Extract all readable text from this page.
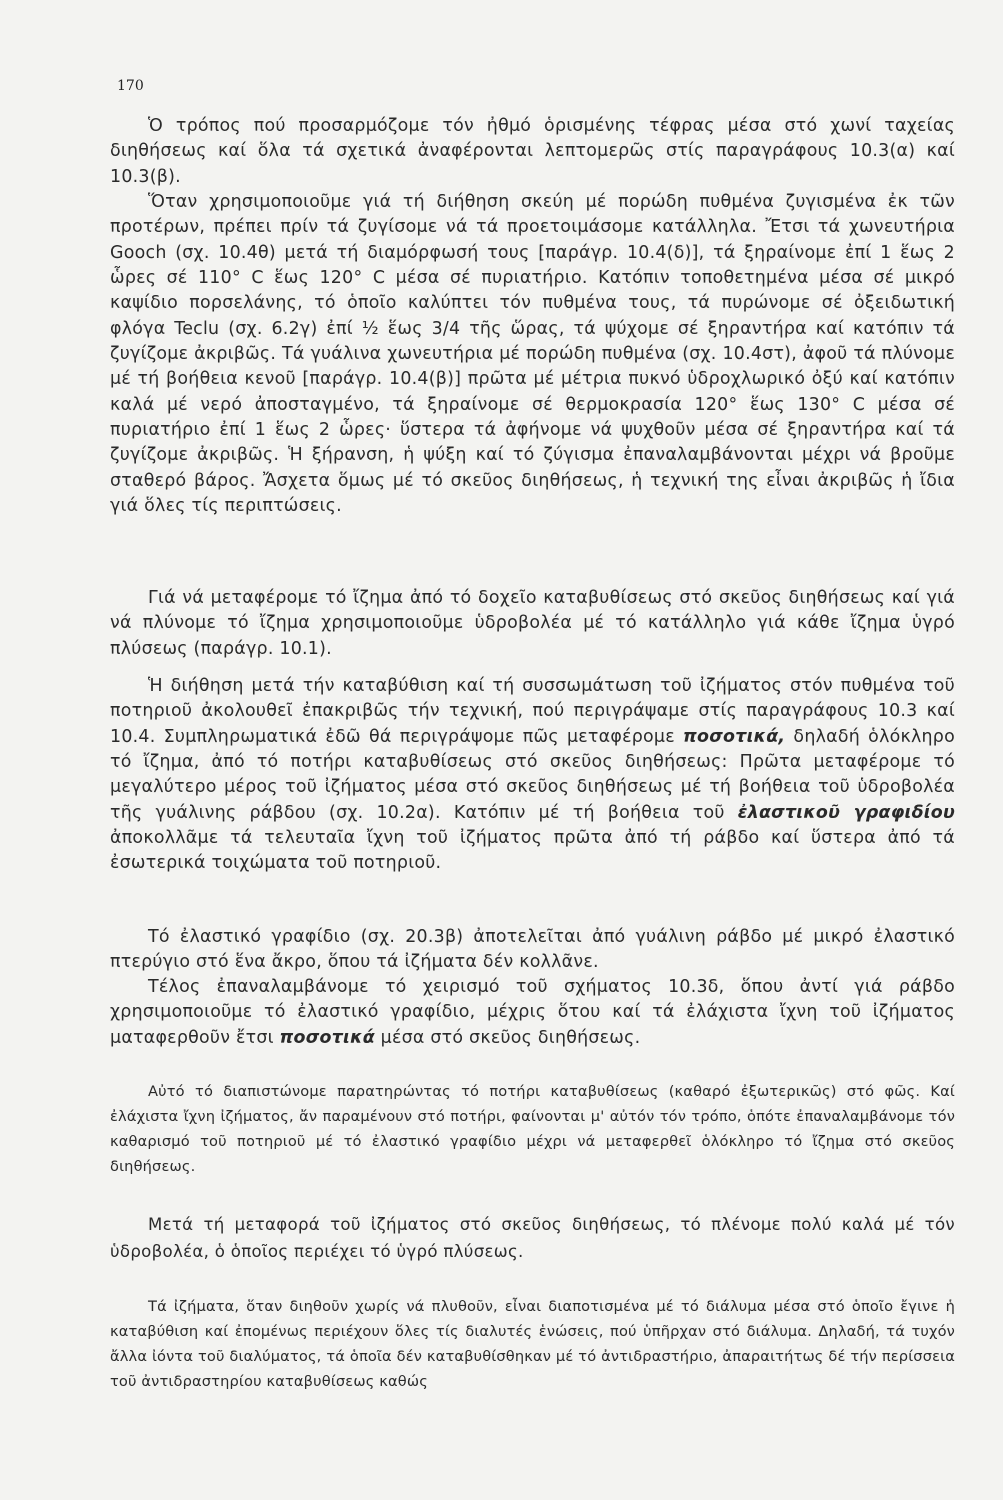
170

Ὁ τρόπος πού προσαρμόζομε τόν ἠθμό ὁρισμένης τέφρας μέσα στό χωνί ταχείας διηθήσεως καί ὅλα τά σχετικά ἀναφέρονται λεπτομερῶς στίς παραγράφους 10.3(α) καί 10.3(β).

Ὅταν χρησιμοποιοῦμε γιά τή διήθηση σκεύη μέ πορώδη πυθμένα ζυγισμένα ἐκ τῶν προτέρων, πρέπει πρίν τά ζυγίσομε νά τά προετοιμάσομε κατάλληλα. Ἔτσι τά χωνευτήρια Gooch (σχ. 10.4θ) μετά τή διαμόρφωσή τους [παράγρ. 10.4(δ)], τά ξηραίνομε ἐπί 1 ἕως 2 ὧρες σέ 110° C ἕως 120° C μέσα σέ πυριατήριο. Κατόπιν τοποθετημένα μέσα σέ μικρό καψίδιο πορσελάνης, τό ὁποῖο καλύπτει τόν πυθμένα τους, τά πυρώνομε σέ ὀξειδωτική φλόγα Teclu (σχ. 6.2γ) ἐπί ½ ἕως 3/4 τῆς ὥρας, τά ψύχομε σέ ξηραντήρα καί κατόπιν τά ζυγίζομε ἀκριβῶς. Τά γυάλινα χωνευτήρια μέ πορώδη πυθμένα (σχ. 10.4στ), ἀφοῦ τά πλύνομε μέ τή βοήθεια κενοῦ [παράγρ. 10.4(β)] πρῶτα μέ μέτρια πυκνό ὑδροχλωρικό ὀξύ καί κατόπιν καλά μέ νερό ἀποσταγμένο, τά ξηραίνομε σέ θερμοκρασία 120° ἕως 130° C μέσα σέ πυριατήριο ἐπί 1 ἕως 2 ὧρες· ὕστερα τά ἀφήνομε νά ψυχθοῦν μέσα σέ ξηραντήρα καί τά ζυγίζομε ἀκριβῶς. Ἡ ξήρανση, ἡ ψύξη καί τό ζύγισμα ἐπαναλαμβάνονται μέχρι νά βροῦμε σταθερό βάρος. Ἄσχετα ὅμως μέ τό σκεῦος διηθήσεως, ἡ τεχνική της εἶναι ἀκριβῶς ἡ ἴδια γιά ὅλες τίς περιπτώσεις.

Γιά νά μεταφέρομε τό ἴζημα ἀπό τό δοχεῖο καταβυθίσεως στό σκεῦος διηθήσεως καί γιά νά πλύνομε τό ἴζημα χρησιμοποιοῦμε ὑδροβολέα μέ τό κατάλληλο γιά κάθε ἴζημα ὑγρό πλύσεως (παράγρ. 10.1).

Ἡ διήθηση μετά τήν καταβύθιση καί τή συσσωμάτωση τοῦ ἰζήματος στόν πυθμένα τοῦ ποτηριοῦ ἀκολουθεῖ ἐπακριβῶς τήν τεχνική, πού περιγράψαμε στίς παραγράφους 10.3 καί 10.4. Συμπληρωματικά ἐδῶ θά περιγράψομε πῶς μεταφέρομε ποσοτικά, δηλαδή ὁλόκληρο τό ἴζημα, ἀπό τό ποτήρι καταβυθίσεως στό σκεῦος διηθήσεως: Πρῶτα μεταφέρομε τό μεγαλύτερο μέρος τοῦ ἰζήματος μέσα στό σκεῦος διηθήσεως μέ τή βοήθεια τοῦ ὑδροβολέα τῆς γυάλινης ράβδου (σχ. 10.2α). Κατόπιν μέ τή βοήθεια τοῦ ἐλαστικοῦ γραφιδίου ἀποκολλᾶμε τά τελευταῖα ἴχνη τοῦ ἰζήματος πρῶτα ἀπό τή ράβδο καί ὕστερα ἀπό τά ἐσωτερικά τοιχώματα τοῦ ποτηριοῦ.

Τό ἐλαστικό γραφίδιο (σχ. 20.3β) ἀποτελεῖται ἀπό γυάλινη ράβδο μέ μικρό ἐλαστικό πτερύγιο στό ἕνα ἄκρο, ὅπου τά ἰζήματα δέν κολλᾶνε.

Τέλος ἐπαναλαμβάνομε τό χειρισμό τοῦ σχήματος 10.3δ, ὅπου ἀντί γιά ράβδο χρησιμοποιοῦμε τό ἐλαστικό γραφίδιο, μέχρις ὅτου καί τά ἐλάχιστα ἴχνη τοῦ ἰζήματος ματαφερθοῦν ἔτσι ποσοτικά μέσα στό σκεῦος διηθήσεως.

Αὐτό τό διαπιστώνομε παρατηρώντας τό ποτήρι καταβυθίσεως (καθαρό ἐξωτερικῶς) στό φῶς. Καί ἐλάχιστα ἴχνη ἰζήματος, ἄν παραμένουν στό ποτήρι, φαίνονται μ' αὐτόν τόν τρόπο, ὁπότε ἐπαναλαμβάνομε τόν καθαρισμό τοῦ ποτηριοῦ μέ τό ἐλαστικό γραφίδιο μέχρι νά μεταφερθεῖ ὁλόκληρο τό ἴζημα στό σκεῦος διηθήσεως.

Μετά τή μεταφορά τοῦ ἰζήματος στό σκεῦος διηθήσεως, τό πλένομε πολύ καλά μέ τόν ὑδροβολέα, ὁ ὁποῖος περιέχει τό ὑγρό πλύσεως.

Τά ἰζήματα, ὅταν διηθοῦν χωρίς νά πλυθοῦν, εἶναι διαποτισμένα μέ τό διάλυμα μέσα στό ὁποῖο ἔγινε ἡ καταβύθιση καί ἐπομένως περιέχουν ὅλες τίς διαλυτές ἑνώσεις, πού ὑπῆρχαν στό διάλυμα. Δηλαδή, τά τυχόν ἄλλα ἰόντα τοῦ διαλύματος, τά ὁποῖα δέν καταβυθίσθηκαν μέ τό ἀντιδραστήριο, ἀπαραιτήτως δέ τήν περίσσεια τοῦ ἀντιδραστηρίου καταβυθίσεως καθώς
